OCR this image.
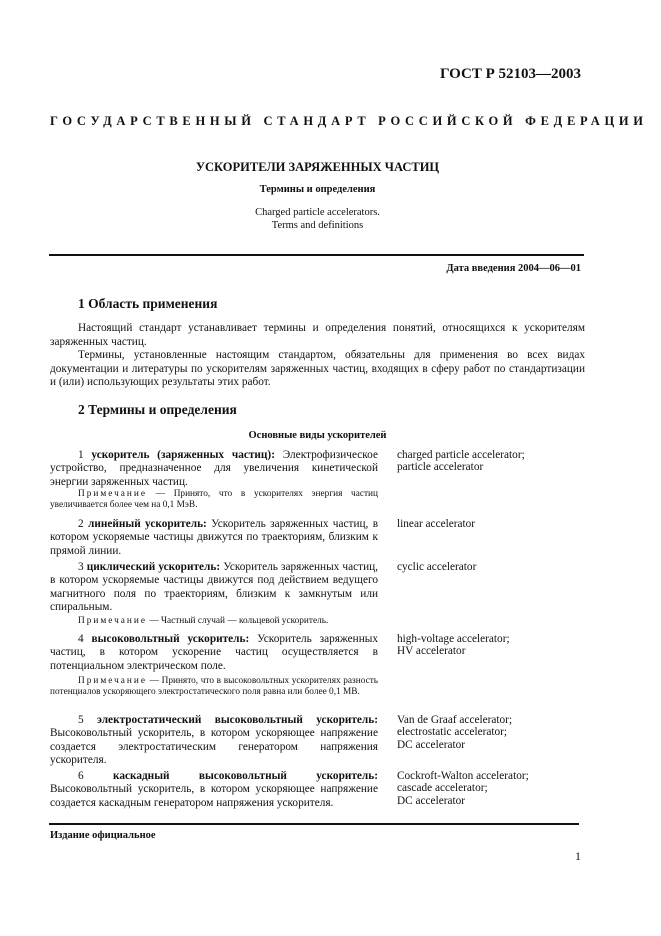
ГОСТ Р 52103—2003
ГОСУДАРСТВЕННЫЙ СТАНДАРТ РОССИЙСКОЙ ФЕДЕРАЦИИ
УСКОРИТЕЛИ ЗАРЯЖЕННЫХ ЧАСТИЦ
Термины и определения
Charged particle accelerators.
Terms and definitions
Дата введения 2004—06—01
1 Область применения

Настоящий стандарт устанавливает термины и определения понятий, относящихся к ускорителям заряженных частиц.

Термины, установленные настоящим стандартом, обязательны для применения во всех видах документации и литературы по ускорителям заряженных частиц, входящих в сферу работ по стандартизации и (или) использующих результаты этих работ.

2 Термины и определения
Основные виды ускорителей
1 ускоритель (заряженных частиц): Электрофизическое устройство, предназначенное для увеличения кинетической энергии заряженных частиц.
charged particle accelerator;
particle accelerator
Примечание — Принято, что в ускорителях энергия частиц увеличивается более чем на 0,1 МэВ.
2 линейный ускоритель: Ускоритель заряженных частиц, в котором ускоряемые частицы движутся по траекториям, близким к прямой линии.
linear accelerator
3 циклический ускоритель: Ускоритель заряженных частиц, в котором ускоряемые частицы движутся под действием ведущего магнитного поля по траекториям, близким к замкнутым или спиральным.
cyclic accelerator
Примечание — Частный случай — кольцевой ускоритель.
4 высоковольтный ускоритель: Ускоритель заряженных частиц, в котором ускорение частиц осуществляется в потенциальном электрическом поле.
high-voltage accelerator;
HV accelerator
Примечание — Принято, что в высоковольтных ускорителях разность потенциалов ускоряющего электростатического поля равна или более 0,1 МВ.
5 электростатический высоковольтный ускоритель: Высоковольтный ускоритель, в котором ускоряющее напряжение создается электростатическим генератором напряжения ускорителя.
Van de Graaf accelerator;
electrostatic accelerator;
DC accelerator
6	каскадный высоковольтный ускоритель: Высоковольтный ускоритель, в котором ускоряющее напряжение создается каскадным генератором напряжения ускорителя.
Cockroft-Walton accelerator;
cascade accelerator;
DC accelerator
Издание официальное
1
